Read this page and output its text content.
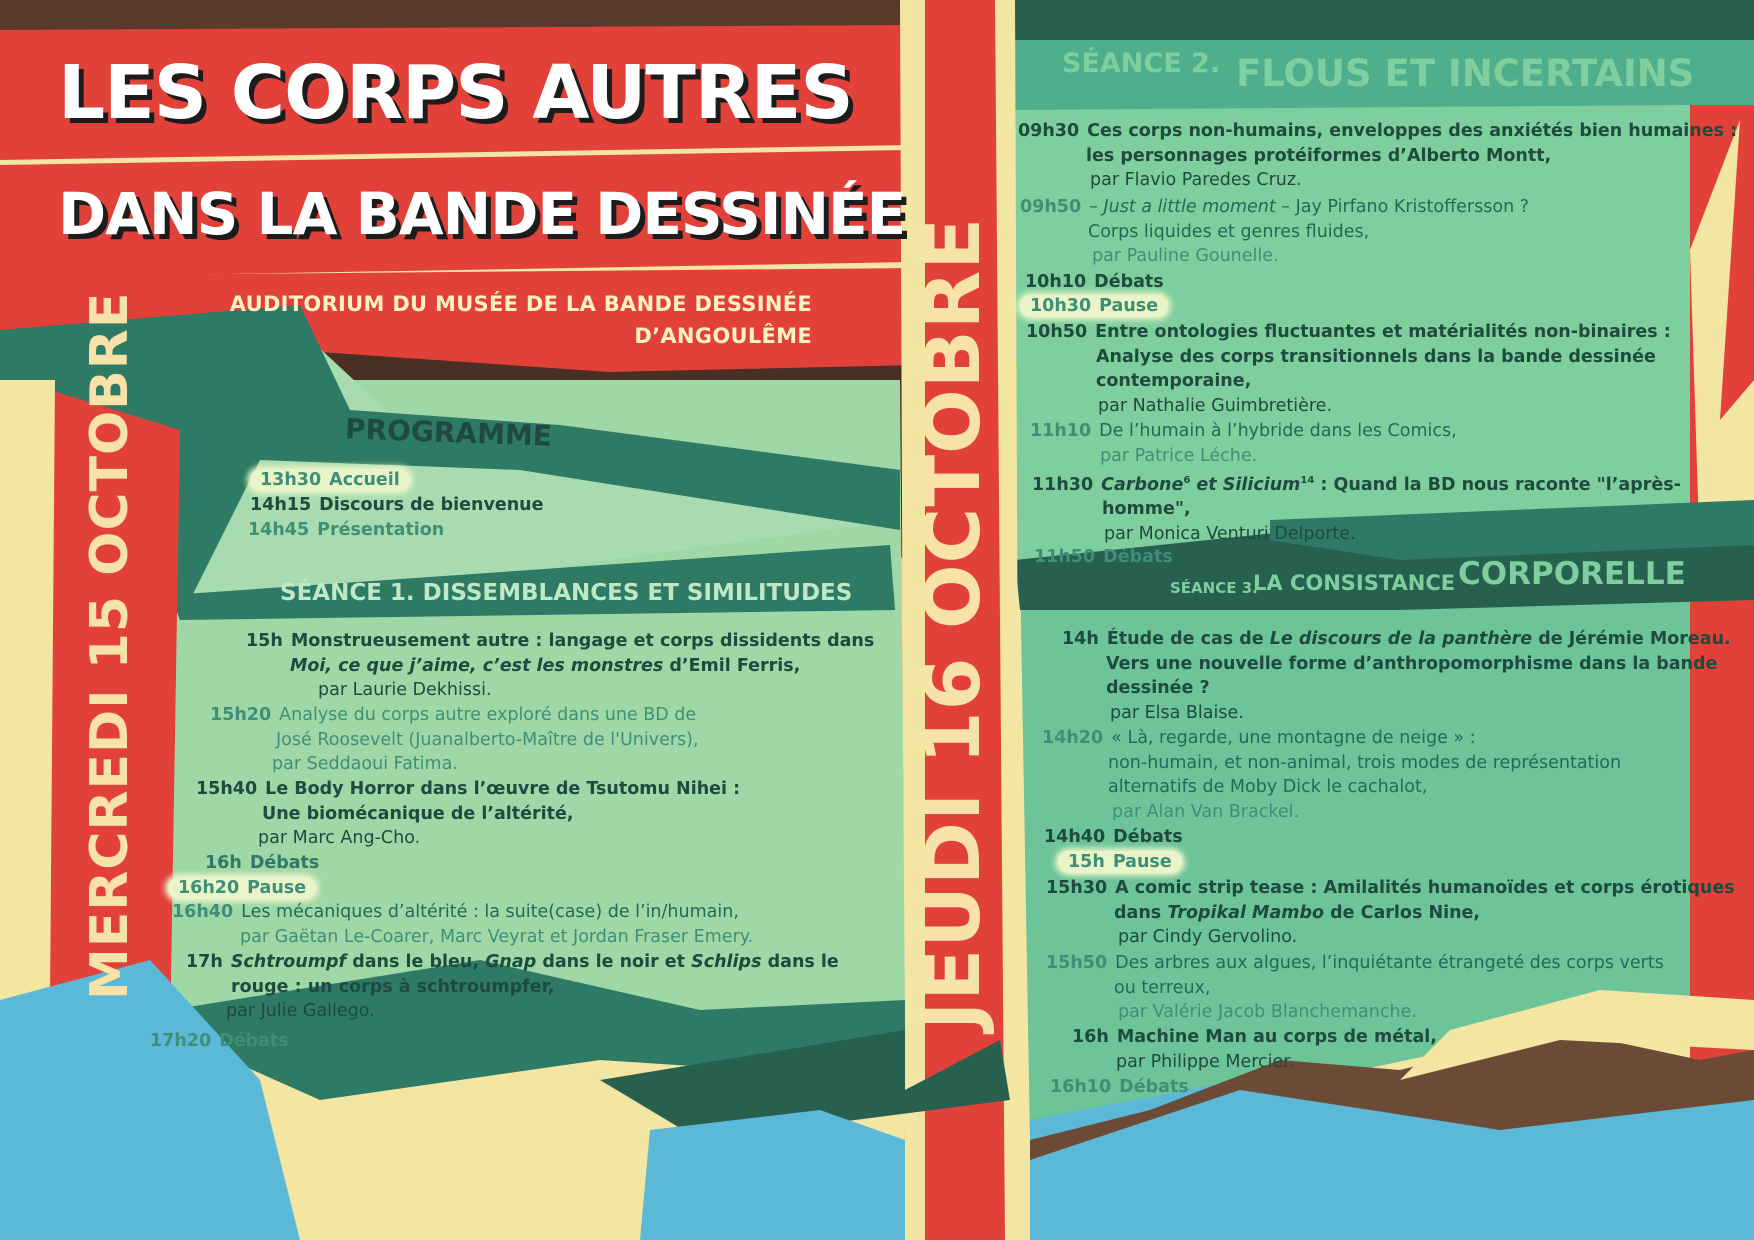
LES CORPS AUTRES
DANS LA BANDE DESSINÉE
AUDITORIUM DU MUSÉE DE LA BANDE DESSINÉE
D’ANGOULÊME
MERCREDI 15 OCTOBRE	JEUDI 16 OCTOBRE
PROGRAMME
13h30 Accueil
14h15 Discours de bienvenue
14h45 Présentation
SÉANCE 1. DISSEMBLANCES ET SIMILITUDES
15h Monstrueusement autre : langage et corps dissidents dans
Moi, ce que j’aime, c’est les monstres d’Emil Ferris,
par Laurie Dekhissi.
15h20 Analyse du corps autre exploré dans une BD de
José Roosevelt (Juanalberto-Maître de l'Univers),
par Seddaoui Fatima.
15h40 Le Body Horror dans l’œuvre de Tsutomu Nihei :
Une biomécanique de l’altérité,
par Marc Ang-Cho.
16h Débats
16h20 Pause
16h40 Les mécaniques d’altérité : la suite(case) de l’in/humain,
par Gaëtan Le-Coarer, Marc Veyrat et Jordan Fraser Emery.
17h Schtroumpf dans le bleu, Gnap dans le noir et Schlips dans le
rouge : un corps à schtroumpfer,
par Julie Gallego.
17h20 Débats
SÉANCE 2. FLOUS ET INCERTAINS
09h30 Ces corps non-humains, enveloppes des anxiétés bien humaines :
les personnages protéiformes d’Alberto Montt,
par Flavio Paredes Cruz.
09h50 – Just a little moment – Jay Pirfano Kristoffersson ?
Corps liquides et genres fluides,
par Pauline Gounelle.
10h10 Débats
10h30 Pause
10h50 Entre ontologies fluctuantes et matérialités non-binaires :
Analyse des corps transitionnels dans la bande dessinée
contemporaine,
par Nathalie Guimbretière.
11h10 De l’humain à l’hybride dans les Comics,
par Patrice Léche.
11h30 Carbone$^6$ et Silicium$^{14}$ : Quand la BD nous raconte "l’après-
homme",
par Monica Venturi Delporte.
11h50 Débats
SÉANCE 3.
LA CONSISTANCE CORPORELLE
14h Étude de cas de Le discours de la panthère de Jérémie Moreau.
Vers une nouvelle forme d’anthropomorphisme dans la bande
dessinée ?
par Elsa Blaise.
14h20 « Là, regarde, une montagne de neige » :
non-humain, et non-animal, trois modes de représentation
alternatifs de Moby Dick le cachalot,
par Alan Van Brackel.
14h40 Débats
15h Pause
15h30 A comic strip tease : Amilalités humanoïdes et corps érotiques
dans Tropikal Mambo de Carlos Nine,
par Cindy Gervolino.
15h50 Des arbres aux algues, l’inquiétante étrangeté des corps verts
ou terreux,
par Valérie Jacob Blanchemanche.
16h Machine Man au corps de métal,
par Philippe Mercier.
16h10 Débats
